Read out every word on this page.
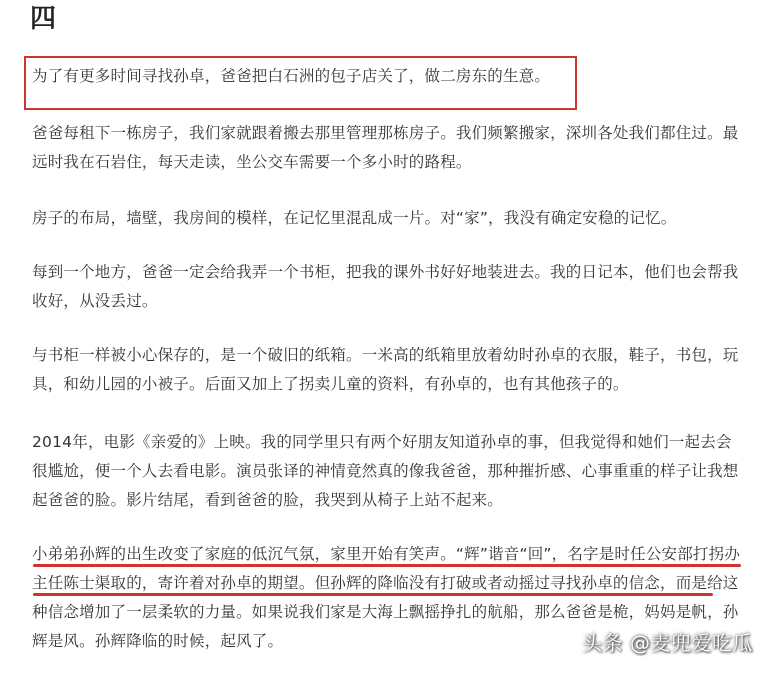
四

为了有更多时间寻找孙卓，爸爸把白石洲的包子店关了，做二房东的生意。

爸爸每租下一栋房子，我们家就跟着搬去那里管理那栋房子。我们频繁搬家，深圳各处我们都住过。最远时我在石岩住，每天走读，坐公交车需要一个多小时的路程。

房子的布局，墙壁，我房间的模样，在记忆里混乱成一片。对“家”，我没有确定安稳的记忆。

每到一个地方，爸爸一定会给我弄一个书柜，把我的课外书好好地装进去。我的日记本，他们也会帮我收好，从没丢过。

与书柜一样被小心保存的，是一个破旧的纸箱。一米高的纸箱里放着幼时孙卓的衣服，鞋子，书包，玩具，和幼儿园的小被子。后面又加上了拐卖儿童的资料，有孙卓的，也有其他孩子的。

2014年，电影《亲爱的》上映。我的同学里只有两个好朋友知道孙卓的事，但我觉得和她们一起去会很尴尬，便一个人去看电影。演员张译的神情竟然真的像我爸爸，那种摧折感、心事重重的样子让我想起爸爸的脸。影片结尾，看到爸爸的脸，我哭到从椅子上站不起来。

小弟弟孙辉的出生改变了家庭的低沉气氛，家里开始有笑声。“辉”谐音“回”，名字是时任公安部打拐办主任陈士渠取的，寄许着对孙卓的期望。但孙辉的降临没有打破或者动摇过寻找孙卓的信念，而是给这种信念增加了一层柔软的力量。如果说我们家是大海上飘摇挣扎的航船，那么爸爸是桅，妈妈是帆，孙辉是风。孙辉降临的时候，起风了。	头条 @麦兜爱吃瓜
